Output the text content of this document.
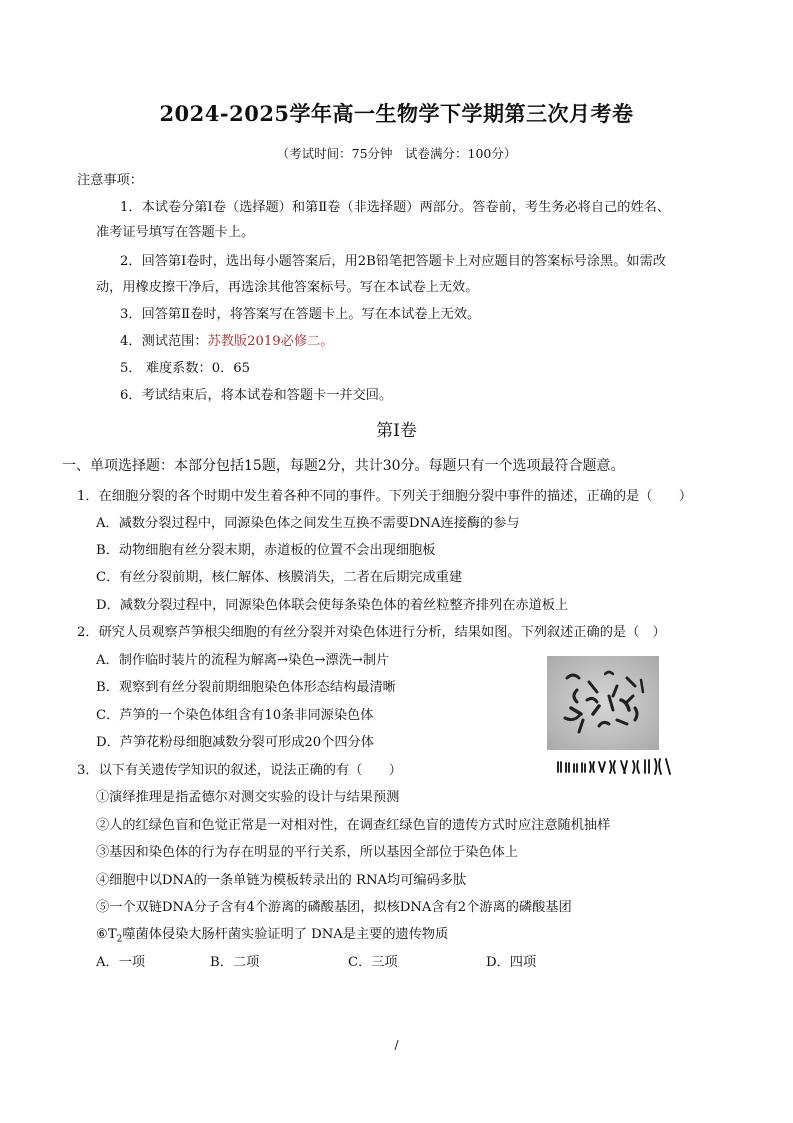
2024-2025学年高一生物学下学期第三次月考卷
（考试时间：75分钟　试卷满分：100分）
注意事项：
1．本试卷分第Ⅰ卷（选择题）和第Ⅱ卷（非选择题）两部分。答卷前，考生务必将自己的姓名、
准考证号填写在答题卡上。
2．回答第Ⅰ卷时，选出每小题答案后，用2B铅笔把答题卡上对应题目的答案标号涂黑。如需改
动，用橡皮擦干净后，再选涂其他答案标号。写在本试卷上无效。
3．回答第Ⅱ卷时，将答案写在答题卡上。写在本试卷上无效。
4．测试范围：苏教版2019必修二。
5． 难度系数：0．65
6．考试结束后，将本试卷和答题卡一并交回。
第Ⅰ卷
一、单项选择题：本部分包括15题，每题2分，共计30分。每题只有一个选项最符合题意。
1．在细胞分裂的各个时期中发生着各种不同的事件。下列关于细胞分裂中事件的描述，正确的是（　　）
A．减数分裂过程中，同源染色体之间发生互换不需要DNA连接酶的参与
B．动物细胞有丝分裂末期，赤道板的位置不会出现细胞板
C．有丝分裂前期，核仁解体、核膜消失，二者在后期完成重建
D．减数分裂过程中，同源染色体联会使每条染色体的着丝粒整齐排列在赤道板上
2．研究人员观察芦笋根尖细胞的有丝分裂并对染色体进行分析，结果如图。下列叙述正确的是（　）
A．制作临时装片的流程为解离→染色→漂洗→制片
B．观察到有丝分裂前期细胞染色体形态结构最清晰
C．芦笋的一个染色体组含有10条非同源染色体
D．芦笋花粉母细胞减数分裂可形成20个四分体
3．以下有关遗传学知识的叙述，说法正确的有（　　）
①演绎推理是指孟德尔对测交实验的设计与结果预测
②人的红绿色盲和色觉正常是一对相对性，在调查红绿色盲的遗传方式时应注意随机抽样
③基因和染色体的行为存在明显的平行关系，所以基因全部位于染色体上
④细胞中以DNA的一条单链为模板转录出的 RNA均可编码多肽
⑤一个双链DNA分子含有4个游离的磷酸基团，拟核DNA含有2个游离的磷酸基团
$⑥T_2$噬菌体侵染大肠杆菌实验证明了 DNA是主要的遗传物质
A．一项	B．二项	C．三项	D．四项
/
